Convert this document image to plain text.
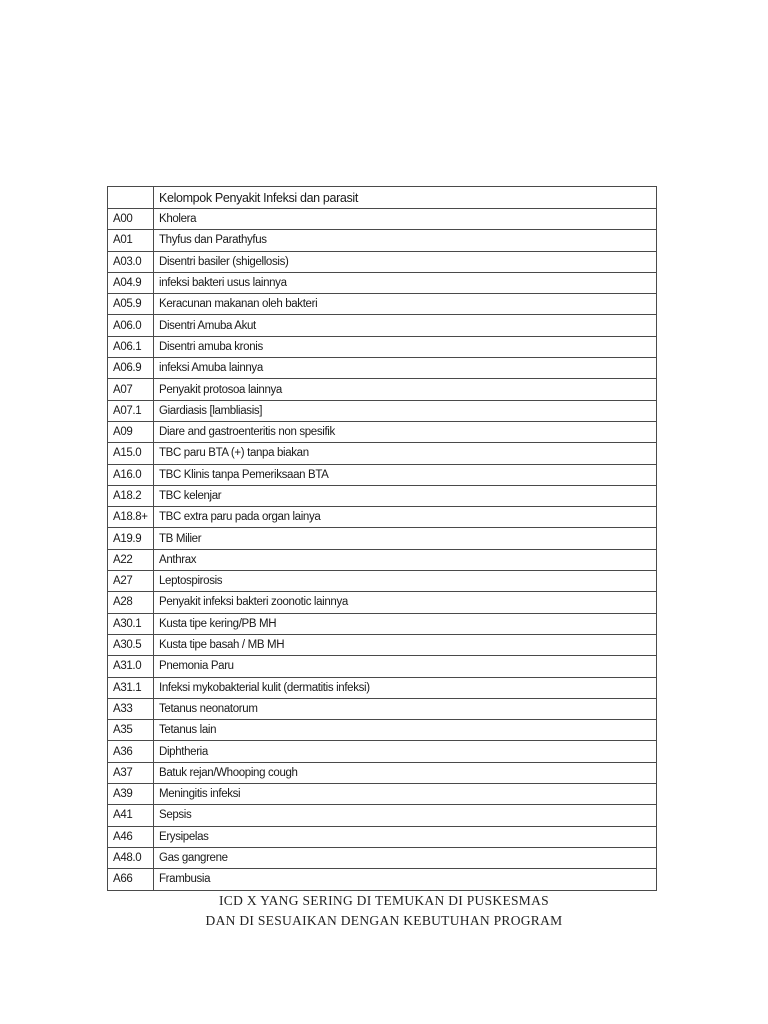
	Kelompok Penyakit Infeksi dan parasit
A00	Kholera
A01	Thyfus dan Parathyfus
A03.0	Disentri basiler (shigellosis)
A04.9	infeksi bakteri usus lainnya
A05.9	Keracunan makanan oleh bakteri
A06.0	Disentri Amuba Akut
A06.1	Disentri amuba kronis
A06.9	infeksi Amuba lainnya
A07	Penyakit protosoa lainnya
A07.1	Giardiasis [lambliasis]
A09	Diare and gastroenteritis non spesifik
A15.0	TBC paru BTA (+) tanpa biakan
A16.0	TBC Klinis tanpa Pemeriksaan BTA
A18.2	TBC kelenjar
A18.8+	TBC extra paru pada organ lainya
A19.9	TB Milier
A22	Anthrax
A27	Leptospirosis
A28	Penyakit infeksi bakteri zoonotic lainnya
A30.1	Kusta tipe kering/PB MH
A30.5	Kusta tipe basah / MB MH
A31.0	Pnemonia Paru
A31.1	Infeksi mykobakterial kulit (dermatitis infeksi)
A33	Tetanus neonatorum
A35	Tetanus lain
A36	Diphtheria
A37	Batuk rejan/Whooping cough
A39	Meningitis infeksi
A41	Sepsis
A46	Erysipelas
A48.0	Gas gangrene
A66	Frambusia
ICD X YANG SERING DI TEMUKAN DI PUSKESMAS
DAN DI SESUAIKAN DENGAN KEBUTUHAN PROGRAM
